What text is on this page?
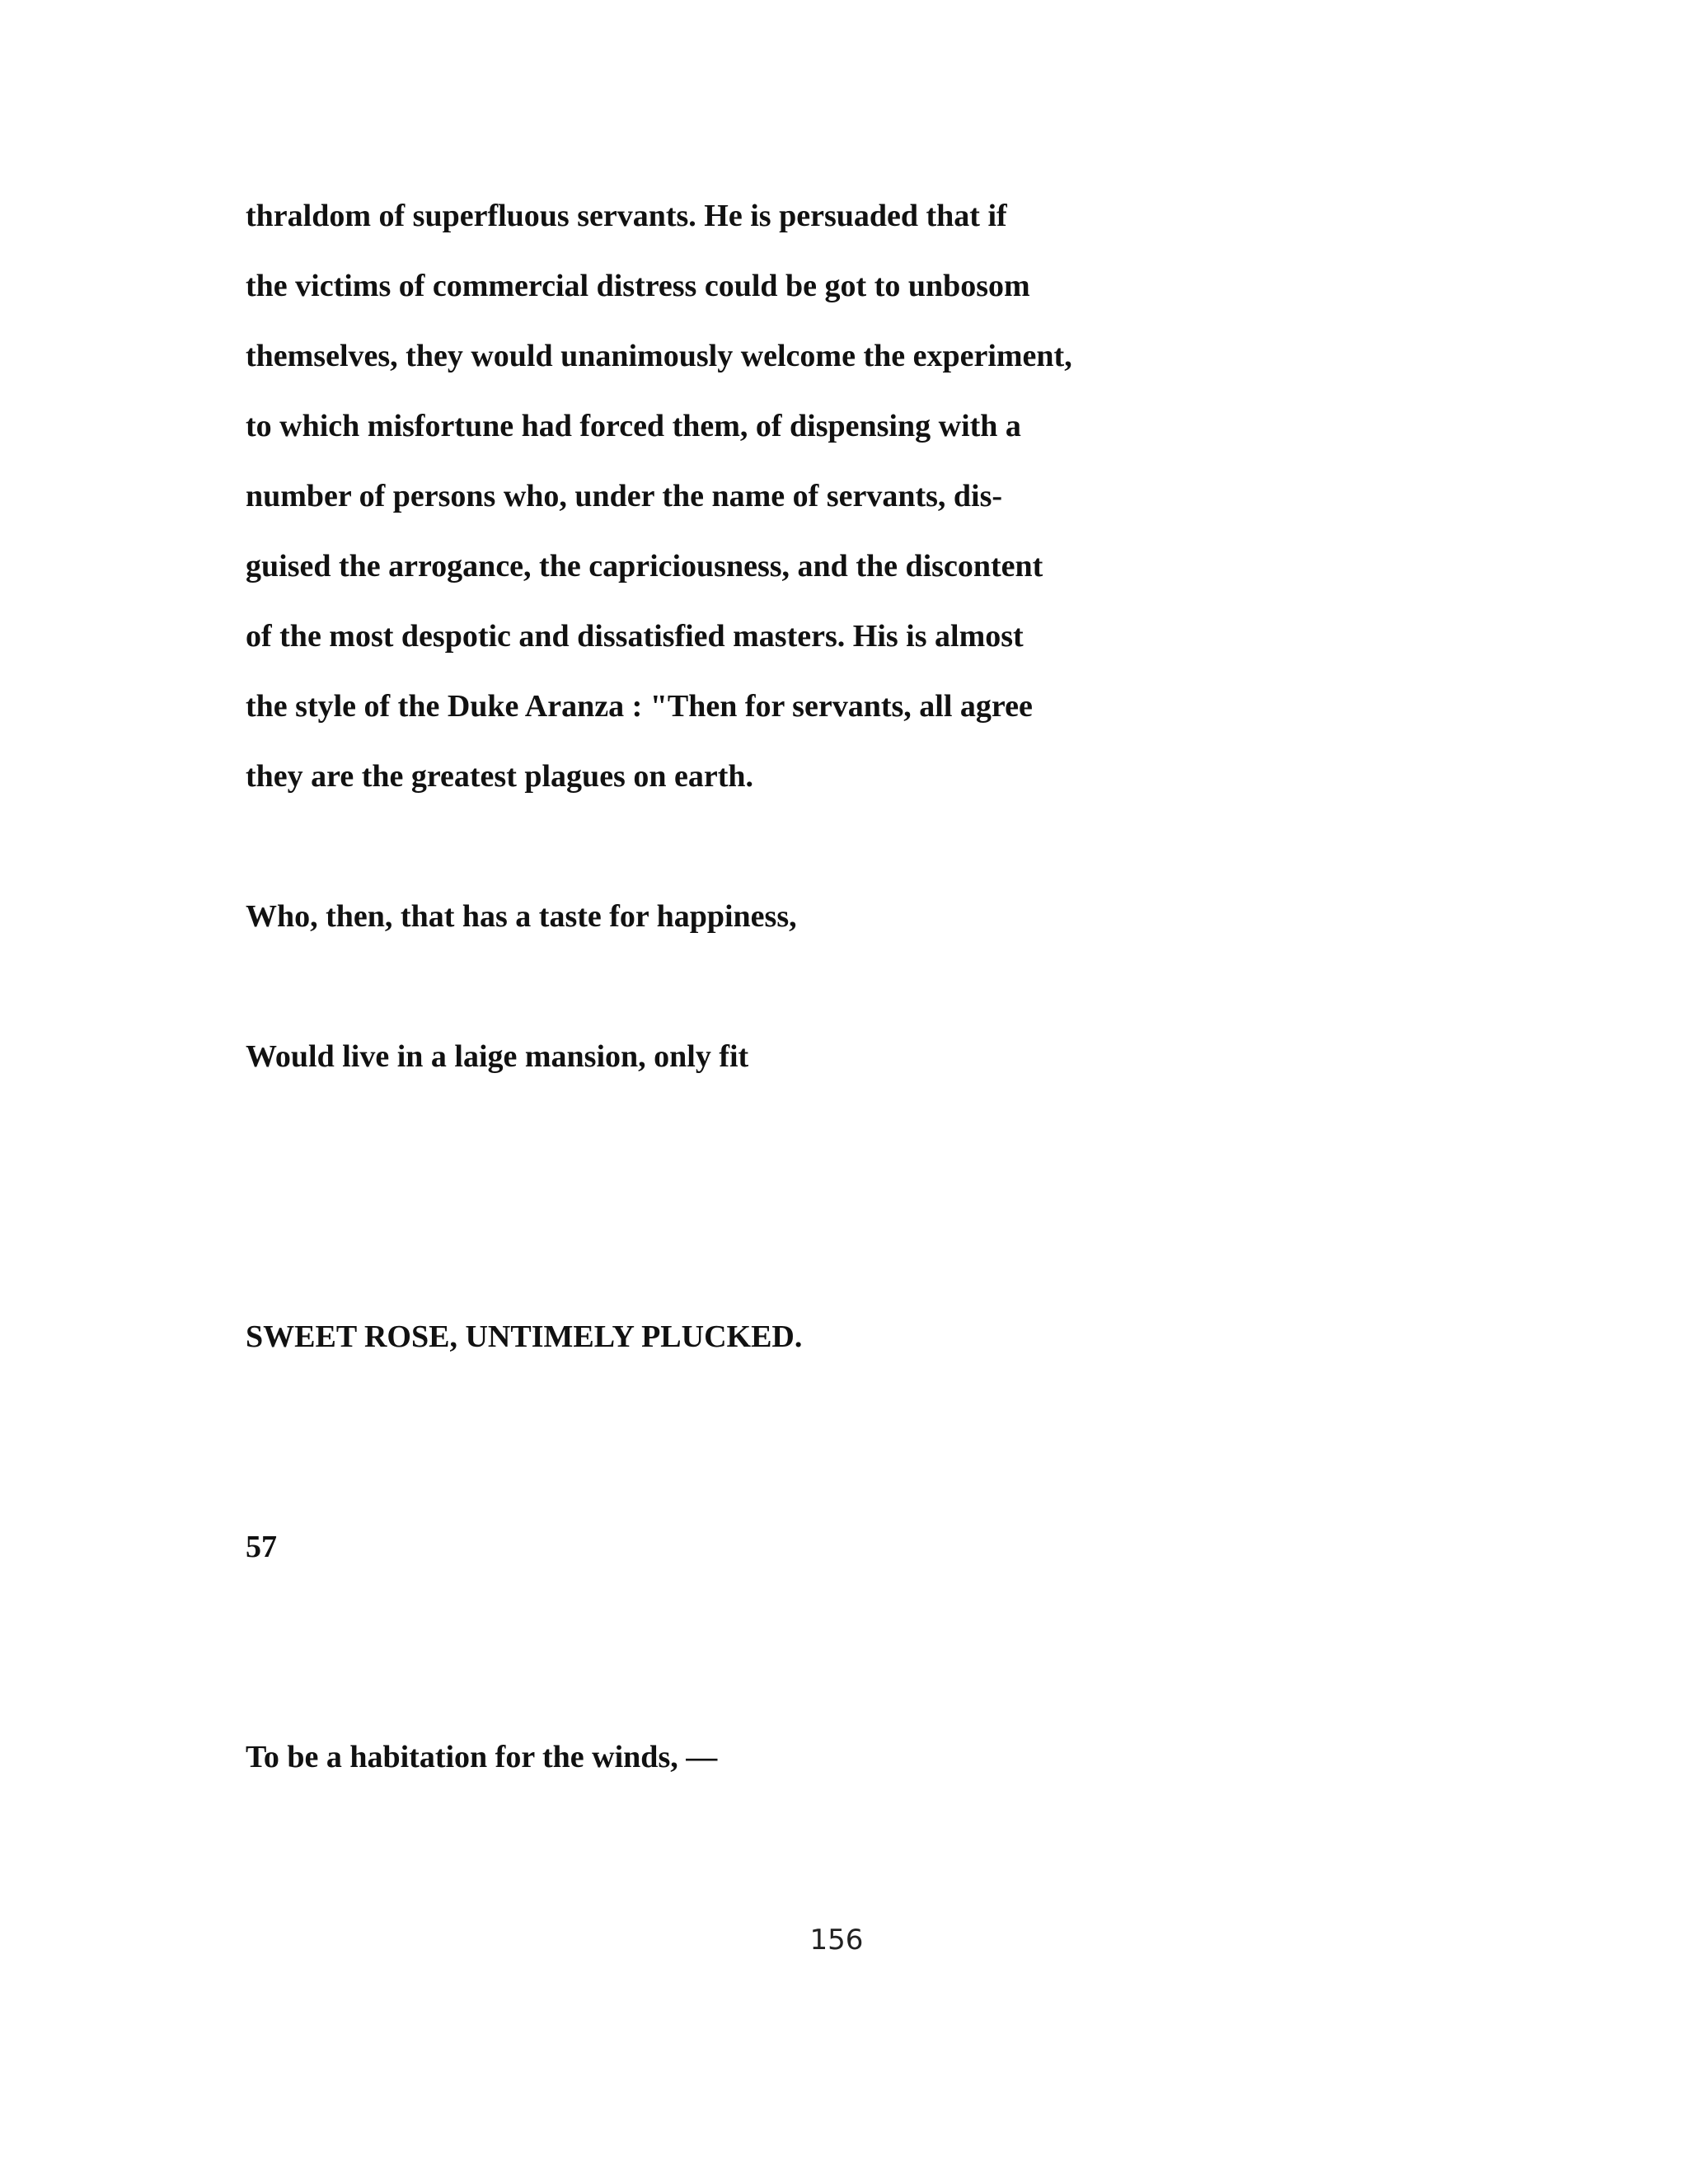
thraldom of superfluous servants. He is persuaded that if

the victims of commercial distress could be got to unbosom

themselves, they would unanimously welcome the experiment,

to which misfortune had forced them, of dispensing with a

number of persons who, under the name of servants, dis-

guised the arrogance, the capriciousness, and the discontent

of the most despotic and dissatisfied masters. His is almost

the style of the Duke Aranza : "Then for servants, all agree

they are the greatest plagues on earth.

Who, then, that has a taste for happiness,

Would live in a laige mansion, only fit

SWEET ROSE, UNTIMELY PLUCKED.

57

To be a habitation for the winds, —

156
